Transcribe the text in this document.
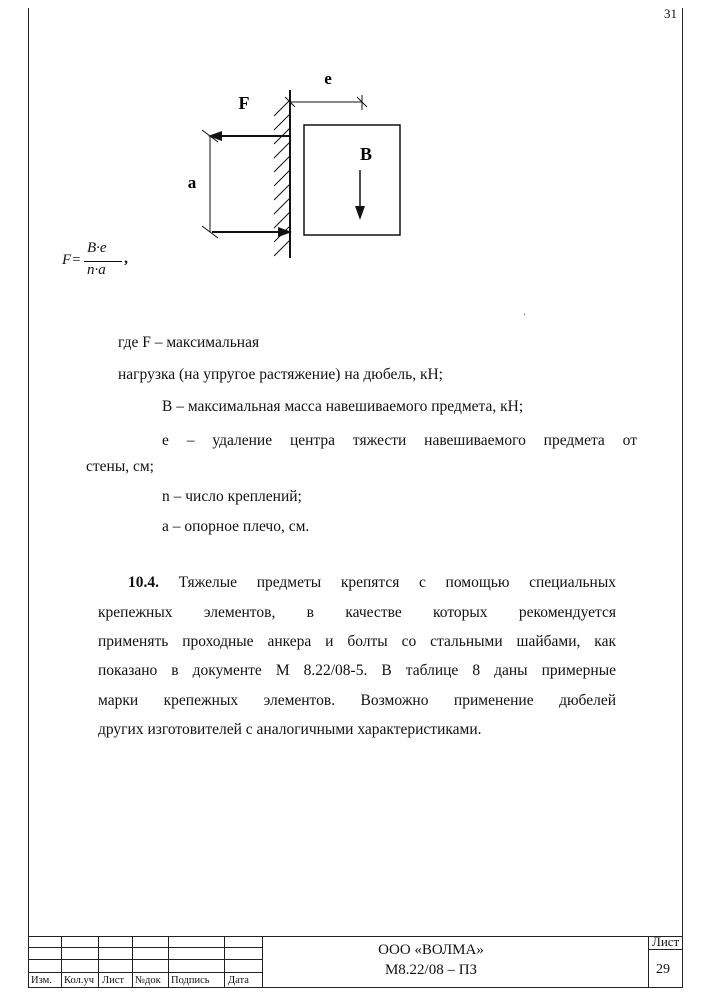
31
e
F
a
B
F=
B·e
n·a
,
'
где F – максимальная
нагрузка (на упругое растяжение) на дюбель, кН;
В – максимальная масса навешиваемого предмета, кН;
е – удаление центра тяжести навешиваемого предмета от
стены, см;
n – число креплений;
а – опорное плечо, см.
10.4. Тяжелые предметы крепятся с помощью специальных
крепежных элементов, в качестве которых рекомендуется
применять проходные анкера и болты со стальными шайбами, как
показано в документе М 8.22/08-5. В таблице 8 даны примерные
марки крепежных элементов. Возможно применение дюбелей
других изготовителей с аналогичными характеристиками.
Изм. Кол.уч Лист №док Подпись Дата
ООО «ВОЛМА»
М8.22/08 – ПЗ
Лист
29
